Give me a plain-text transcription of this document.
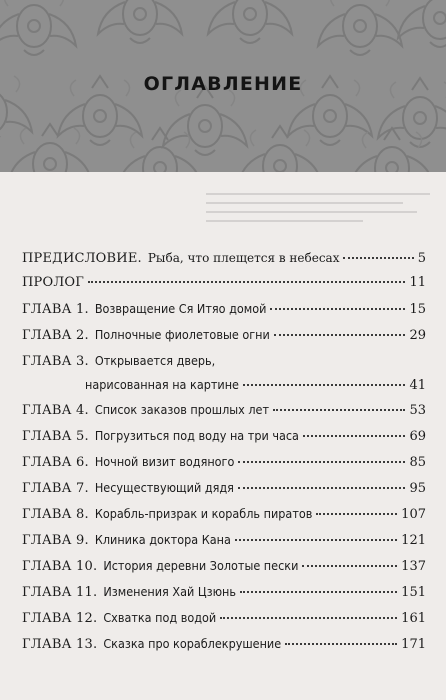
ОГЛАВЛЕНИЕ
ПРЕДИСЛОВИЕ. Рыба, что плещется в небесах	5
ПРОЛОГ	11
ГЛАВА 1. Возвращение Ся Итяо домой	15
ГЛАВА 2. Полночные фиолетовые огни	29
ГЛАВА 3. Открывается дверь,
нарисованная на картине	41
ГЛАВА 4. Список заказов прошлых лет	53
ГЛАВА 5. Погрузиться под воду на три часа	69
ГЛАВА 6. Ночной визит водяного	85
ГЛАВА 7. Несуществующий дядя	95
ГЛАВА 8. Корабль-призрак и корабль пиратов	107
ГЛАВА 9. Клиника доктора Кана	121
ГЛАВА 10. История деревни Золотые пески	137
ГЛАВА 11. Изменения Хай Цзюнь	151
ГЛАВА 12. Схватка под водой	161
ГЛАВА 13. Сказка про кораблекрушение	171
